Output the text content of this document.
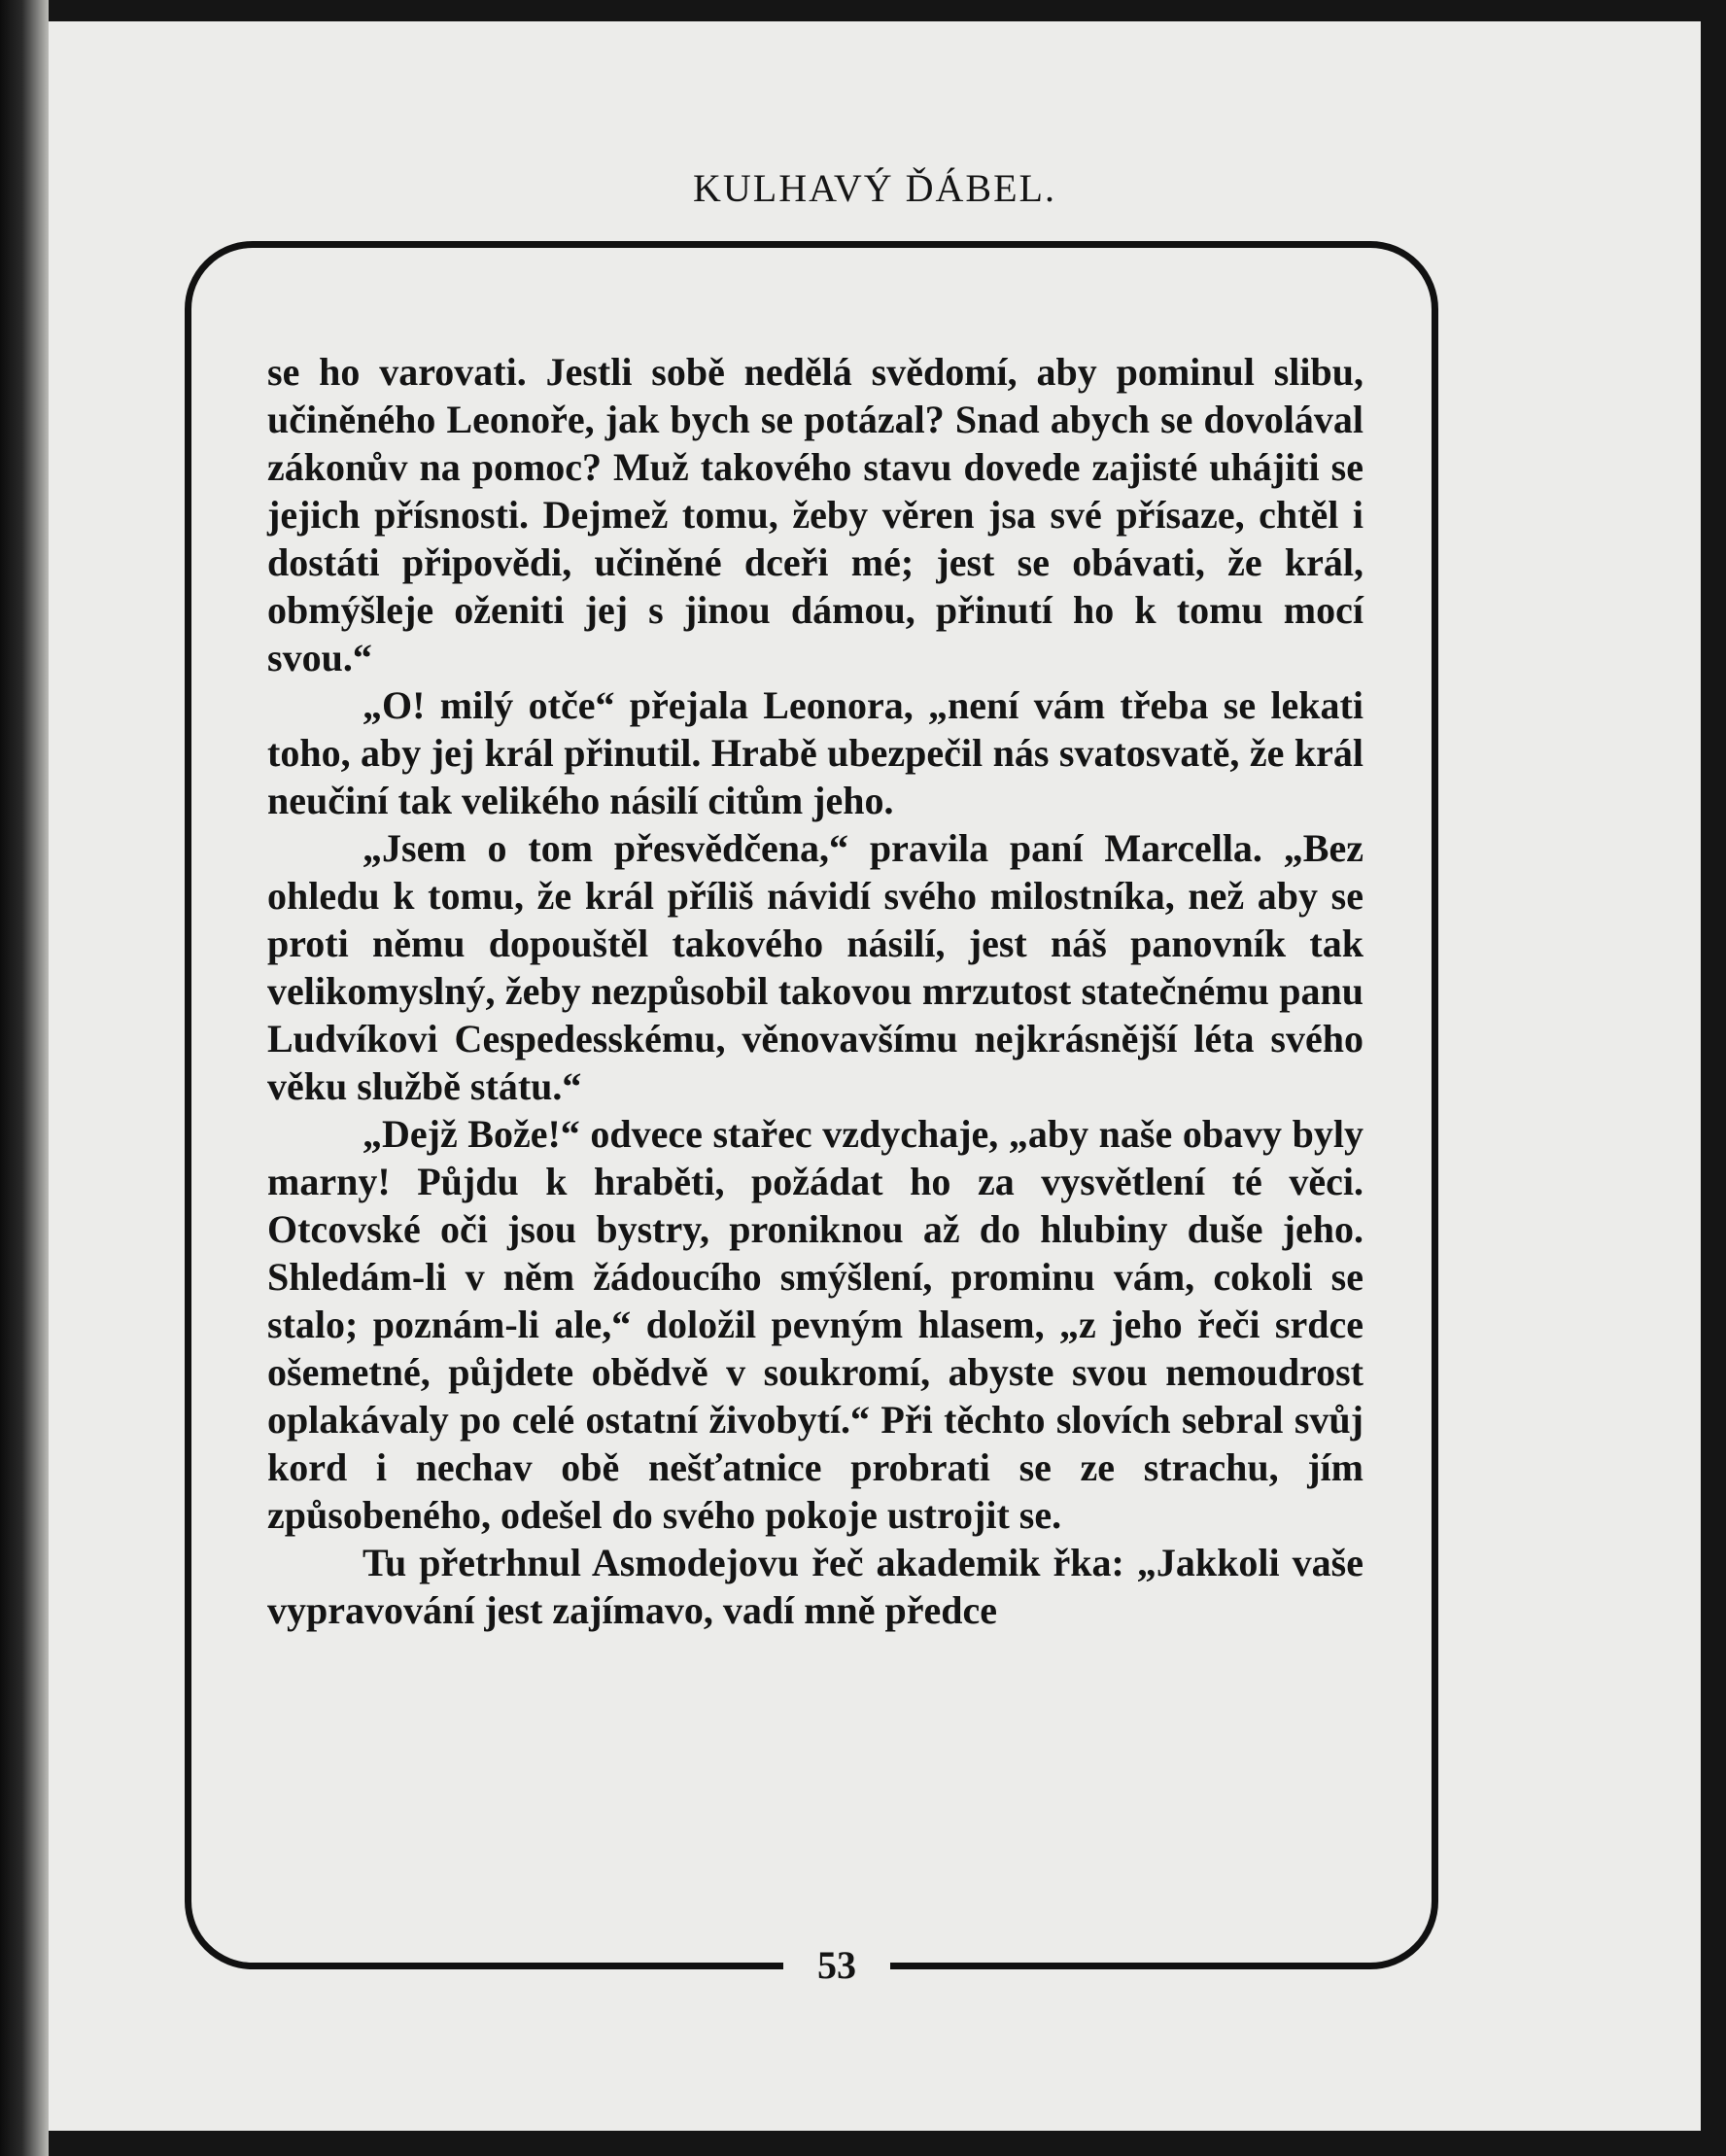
KULHAVÝ ĎÁBEL.

se ho varovati. Jestli sobě nedělá svědomí, aby pominul slibu, učiněného Leonoře, jak bych se potázal? Snad abych se dovolával zákonův na pomoc? Muž takového stavu dovede zajisté uhájiti se jejich přísnosti. Dejmež tomu, žeby věren jsa své přísaze, chtěl i dostáti připovědi, učiněné dceři mé; jest se obávati, že král, obmýšleje oženiti jej s jinou dámou, přinutí ho k tomu mocí svou.“

„O! milý otče“ přejala Leonora, „není vám třeba se lekati toho, aby jej král přinutil. Hrabě ubezpečil nás svatosvatě, že král neučiní tak velikého násilí citům jeho.

„Jsem o tom přesvědčena,“ pravila paní Marcella. „Bez ohledu k tomu, že král příliš návidí svého milostníka, než aby se proti němu dopouštěl takového násilí, jest náš panovník tak velikomyslný, žeby nezpůsobil takovou mrzutost statečnému panu Ludvíkovi Cespedesskému, věnovavšímu nejkrásnější léta svého věku službě státu.“

„Dejž Bože!“ odvece stařec vzdychaje, „aby naše obavy byly marny! Půjdu k hraběti, požádat ho za vysvětlení té věci. Otcovské oči jsou bystry, proniknou až do hlubiny duše jeho. Shledám-li v něm žádoucího smýšlení, prominu vám, cokoli se stalo; poznám-li ale,“ doložil pevným hlasem, „z jeho řeči srdce ošemetné, půjdete obědvě v soukromí, abyste svou nemoudrost oplakávaly po celé ostatní živobytí.“ Při těchto slovích sebral svůj kord i nechav obě nešťatnice probrati se ze strachu, jím způsobeného, odešel do svého pokoje ustrojit se.

Tu přetrhnul Asmodejovu řeč akademik řka: „Jakkoli vaše vypravování jest zajímavo, vadí mně předce

53
